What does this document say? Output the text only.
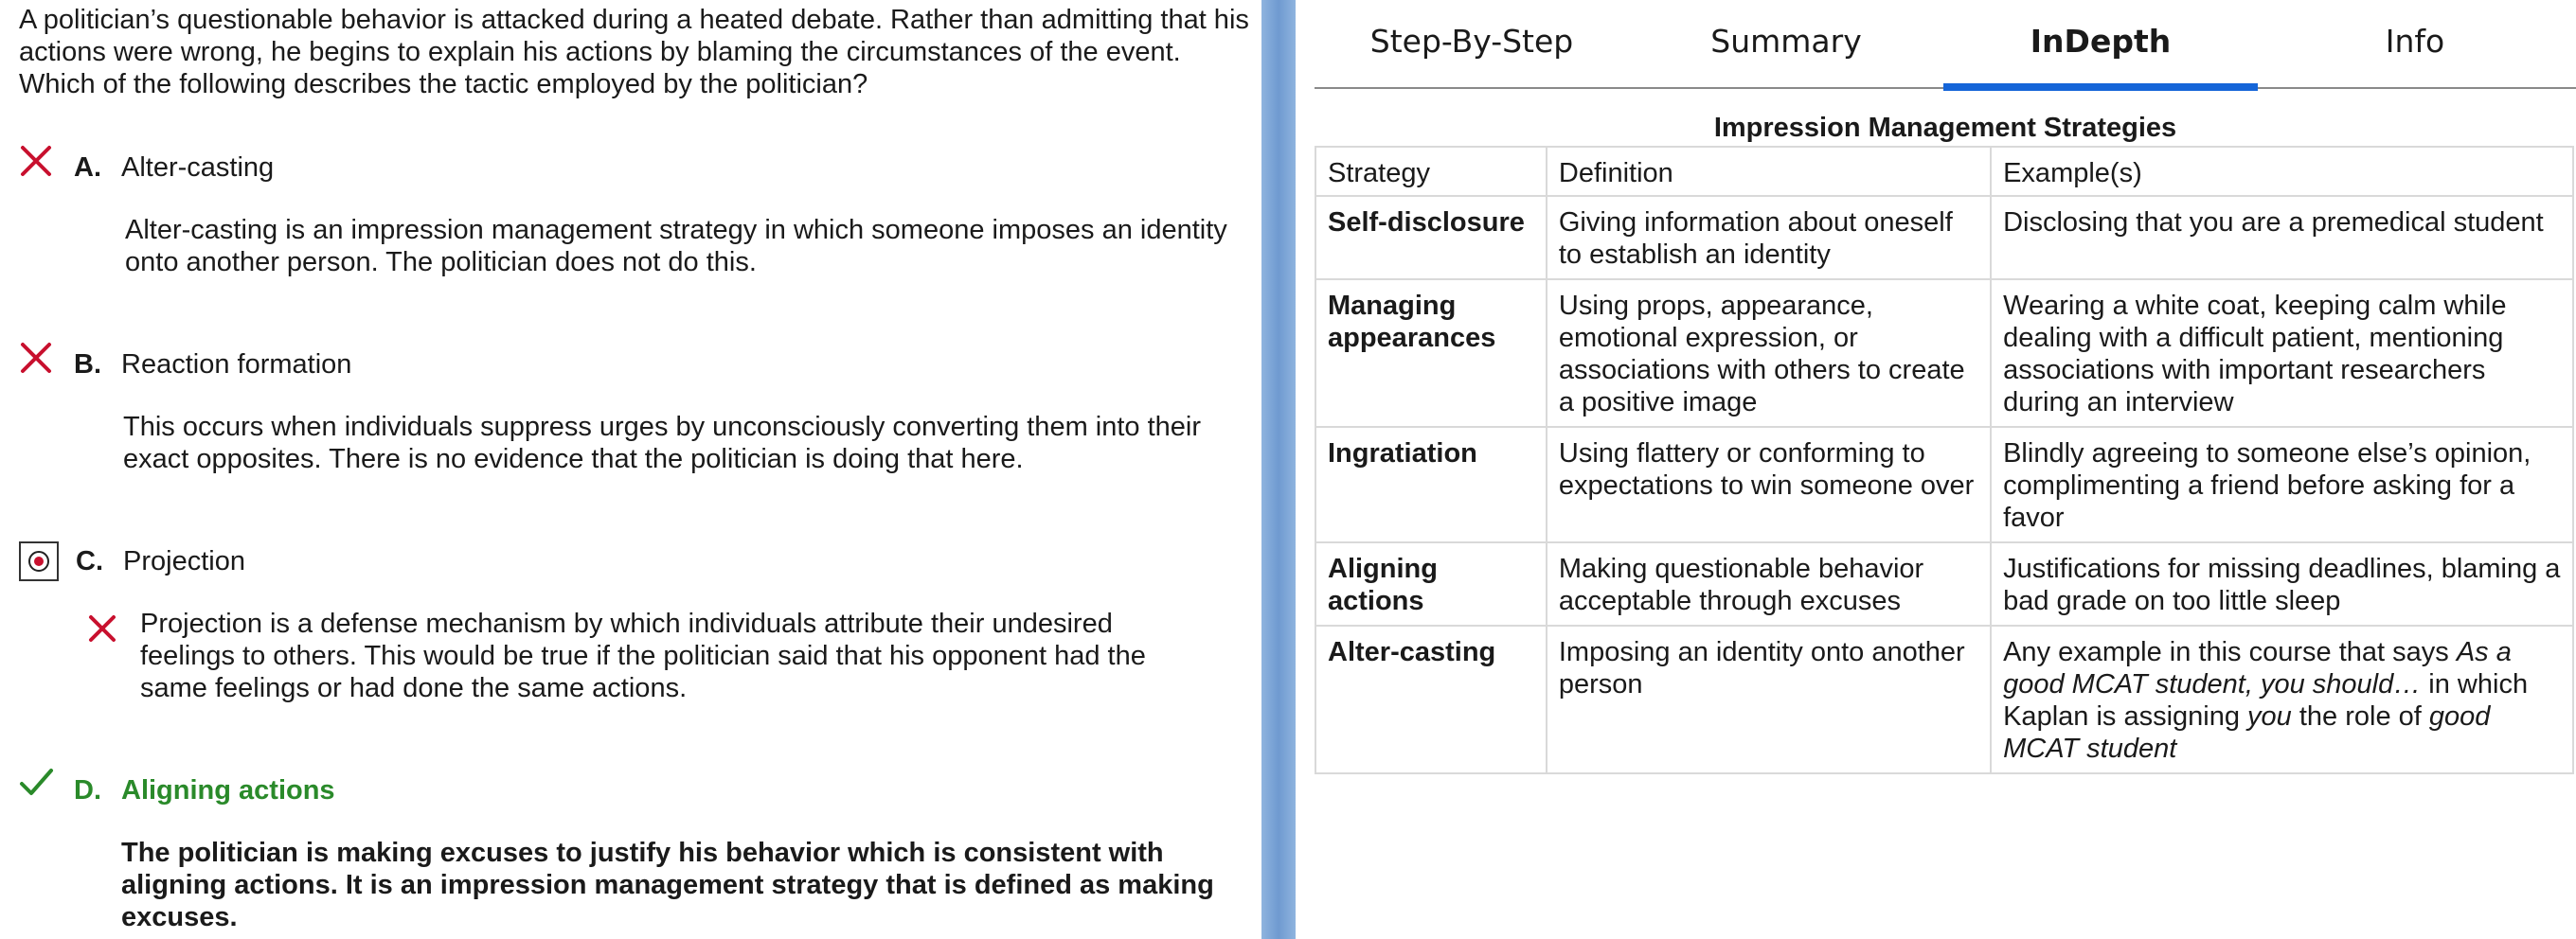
A politician’s questionable behavior is attacked during a heated debate. Rather than admitting that his actions were wrong, he begins to explain his actions by blaming the circumstances of the event. Which of the following describes the tactic employed by the politician?
A. Alter-casting
Alter-casting is an impression management strategy in which someone imposes an identity onto another person. The politician does not do this.
B. Reaction formation
This occurs when individuals suppress urges by unconsciously converting them into their exact opposites. There is no evidence that the politician is doing that here.
C. Projection
Projection is a defense mechanism by which individuals attribute their undesired feelings to others. This would be true if the politician said that his opponent had the same feelings or had done the same actions.
D. Aligning actions
The politician is making excuses to justify his behavior which is consistent with aligning actions. It is an impression management strategy that is defined as making excuses.
Step-By-Step	Summary	InDepth	Info
Impression Management Strategies
Strategy	Definition	Example(s)
Self-disclosure	Giving information about oneself to establish an identity	Disclosing that you are a premedical student
Managing appearances	Using props, appearance, emotional expression, or associations with others to create a positive image	Wearing a white coat, keeping calm while dealing with a difficult patient, mentioning associations with important researchers during an interview
Ingratiation	Using flattery or conforming to expectations to win someone over	Blindly agreeing to someone else’s opinion, complimenting a friend before asking for a favor
Aligning actions	Making questionable behavior acceptable through excuses	Justifications for missing deadlines, blaming a bad grade on too little sleep
Alter-casting	Imposing an identity onto another person	Any example in this course that says As a good MCAT student, you should… in which Kaplan is assigning you the role of good MCAT student
